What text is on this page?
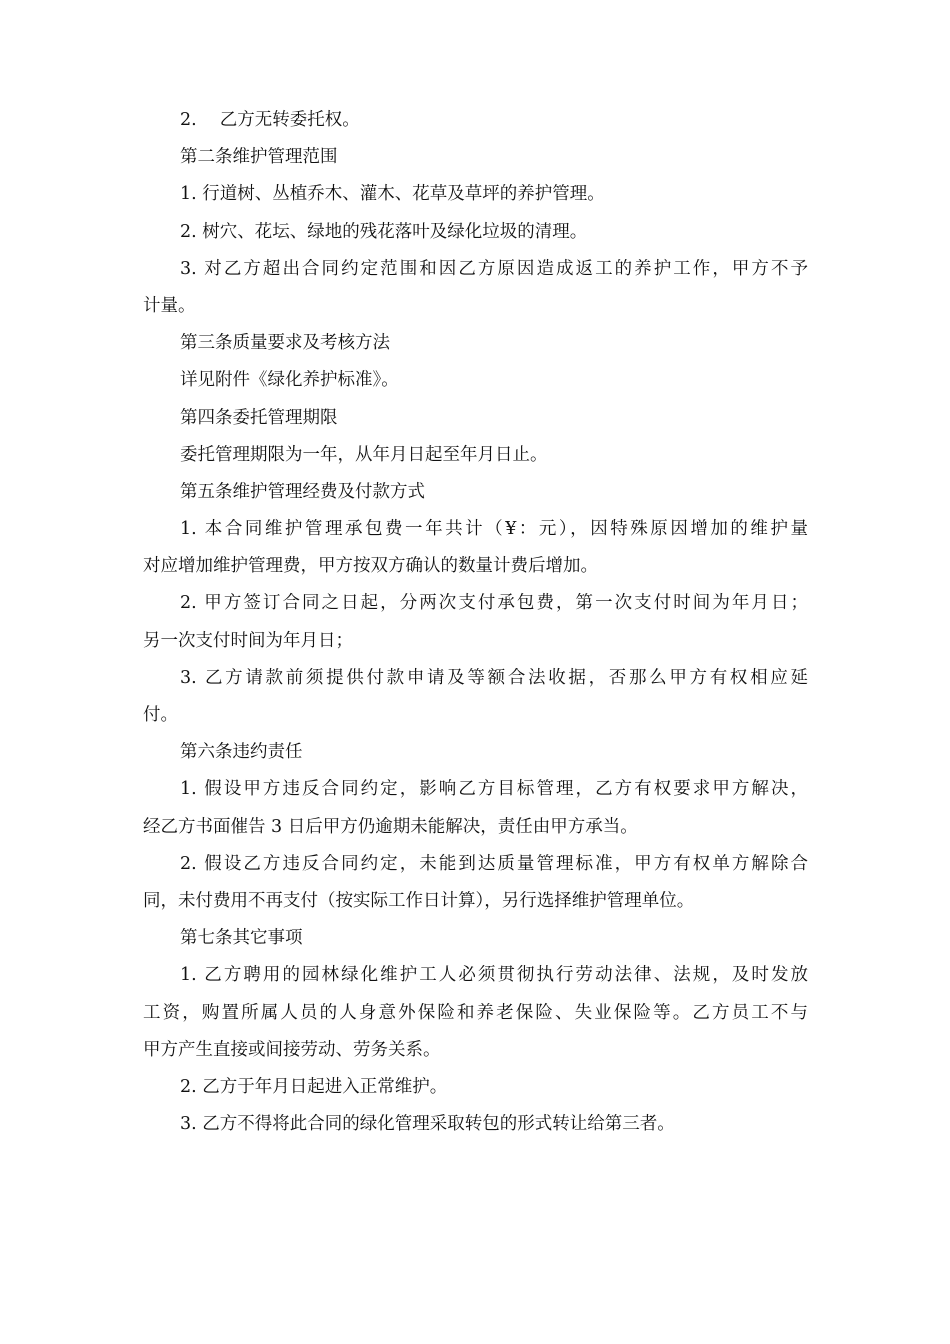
2.　 乙方无转委托权。
第二条维护管理范围
1. 行道树、丛植乔木、灌木、花草及草坪的养护管理。
2. 树穴、花坛、绿地的残花落叶及绿化垃圾的清理。
3. 对乙方超出合同约定范围和因乙方原因造成返工的养护工作，甲方不予
计量。
第三条质量要求及考核方法
详见附件《绿化养护标准》。
第四条委托管理期限
委托管理期限为一年，从年月日起至年月日止。
第五条维护管理经费及付款方式
1. 本合同维护管理承包费一年共计（¥：元），因特殊原因增加的维护量
对应增加维护管理费，甲方按双方确认的数量计费后增加。
2. 甲方签订合同之日起，分两次支付承包费，第一次支付时间为年月日；
另一次支付时间为年月日；
3. 乙方请款前须提供付款申请及等额合法收据，否那么甲方有权相应延
付。
第六条违约责任
1. 假设甲方违反合同约定，影响乙方目标管理，乙方有权要求甲方解决，
经乙方书面催告 3 日后甲方仍逾期未能解决，责任由甲方承当。
2. 假设乙方违反合同约定，未能到达质量管理标准，甲方有权单方解除合
同，未付费用不再支付（按实际工作日计算），另行选择维护管理单位。
第七条其它事项
1. 乙方聘用的园林绿化维护工人必须贯彻执行劳动法律、法规，及时发放
工资，购置所属人员的人身意外保险和养老保险、失业保险等。乙方员工不与
甲方产生直接或间接劳动、劳务关系。
2. 乙方于年月日起进入正常维护。
3. 乙方不得将此合同的绿化管理采取转包的形式转让给第三者。
